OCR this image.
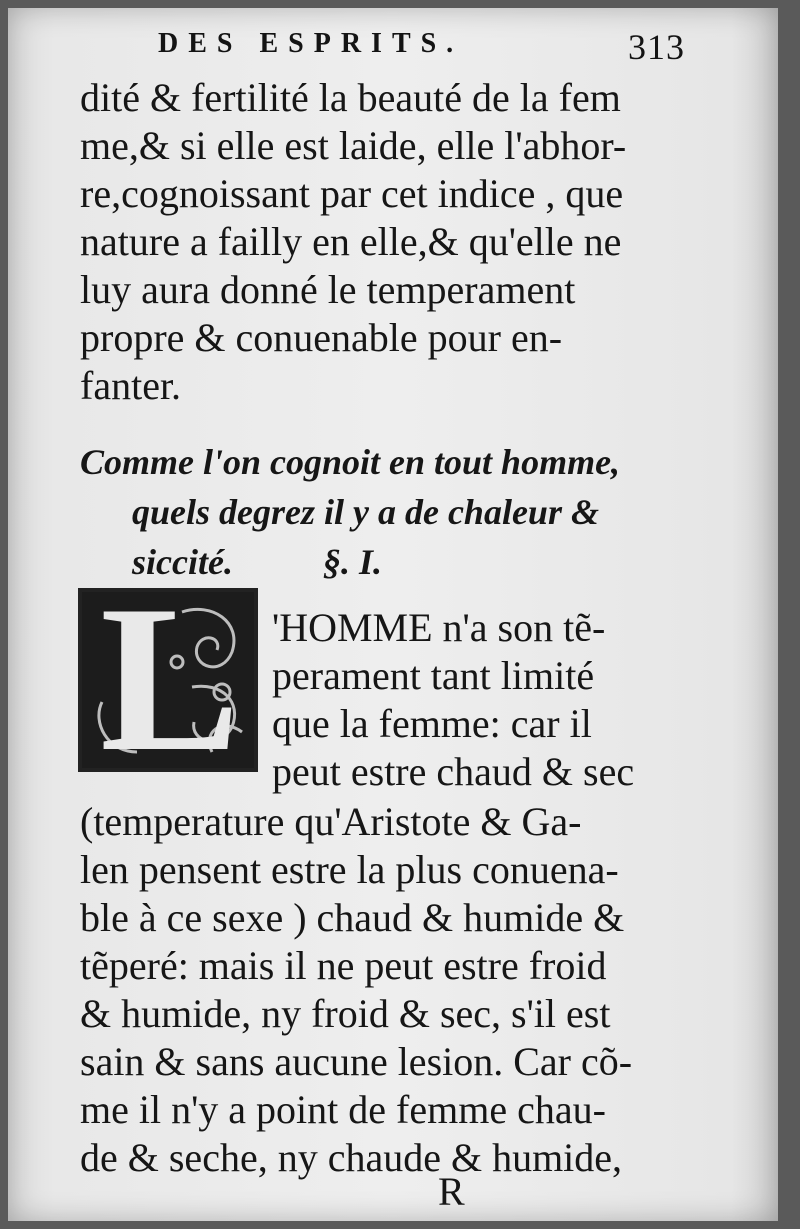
DES ESPRITS.	313
dité & fertilité la beauté de la fem
me,& si elle est laide, elle l'abhor-
re,cognoissant par cet indice , que
nature a failly en elle,& qu'elle ne
luy aura donné le temperament
propre & conuenable pour en-
fanter.
Comme l'on cognoit en tout homme,
quels degrez il y a de chaleur &
siccité.          §. I.
L 'HOMME n'a son tẽ-
perament tant limité
que la femme: car il
peut estre chaud & sec
(temperature qu'Aristote & Ga-
len pensent estre la plus conuena-
ble à ce sexe ) chaud & humide &
tẽperé: mais il ne peut estre froid
& humide, ny froid & sec, s'il est
sain & sans aucune lesion. Car cõ-
me il n'y a point de femme chau-
de & seche, ny chaude & humide,
R
